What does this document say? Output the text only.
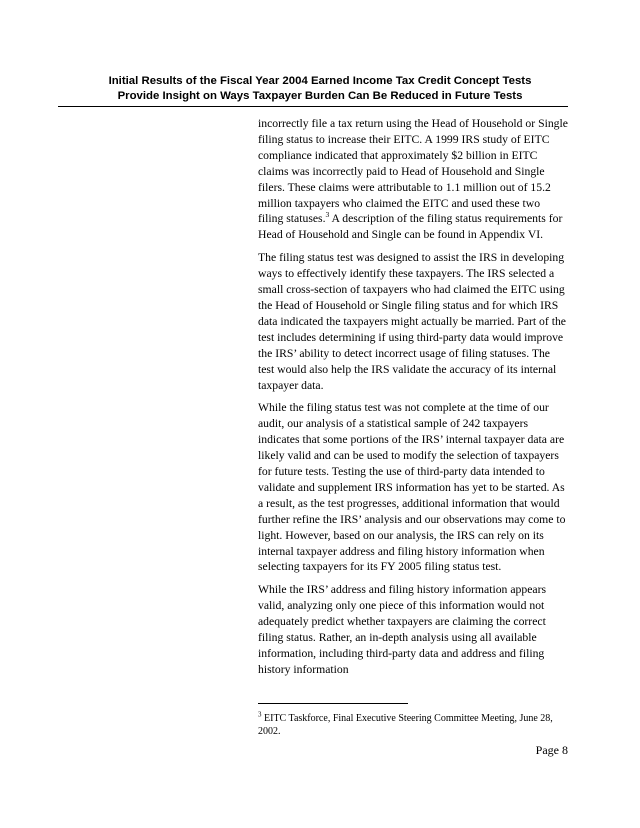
Initial Results of the Fiscal Year 2004 Earned Income Tax Credit Concept Tests
Provide Insight on Ways Taxpayer Burden Can Be Reduced in Future Tests

incorrectly file a tax return using the Head of Household or Single filing status to increase their EITC. A 1999 IRS study of EITC compliance indicated that approximately $2 billion in EITC claims was incorrectly paid to Head of Household and Single filers. These claims were attributable to 1.1 million out of 15.2 million taxpayers who claimed the EITC and used these two filing statuses.$^3$ A description of the filing status requirements for Head of Household and Single can be found in Appendix VI.

The filing status test was designed to assist the IRS in developing ways to effectively identify these taxpayers. The IRS selected a small cross-section of taxpayers who had claimed the EITC using the Head of Household or Single filing status and for which IRS data indicated the taxpayers might actually be married. Part of the test includes determining if using third-party data would improve the IRS’ ability to detect incorrect usage of filing statuses. The test would also help the IRS validate the accuracy of its internal taxpayer data.

While the filing status test was not complete at the time of our audit, our analysis of a statistical sample of 242 taxpayers indicates that some portions of the IRS’ internal taxpayer data are likely valid and can be used to modify the selection of taxpayers for future tests. Testing the use of third-party data intended to validate and supplement IRS information has yet to be started. As a result, as the test progresses, additional information that would further refine the IRS’ analysis and our observations may come to light. However, based on our analysis, the IRS can rely on its internal taxpayer address and filing history information when selecting taxpayers for its FY 2005 filing status test.

While the IRS’ address and filing history information appears valid, analyzing only one piece of this information would not adequately predict whether taxpayers are claiming the correct filing status. Rather, an in-depth analysis using all available information, including third-party data and address and filing history information

$^3$ EITC Taskforce, Final Executive Steering Committee Meeting, June 28, 2002.
Page 8
